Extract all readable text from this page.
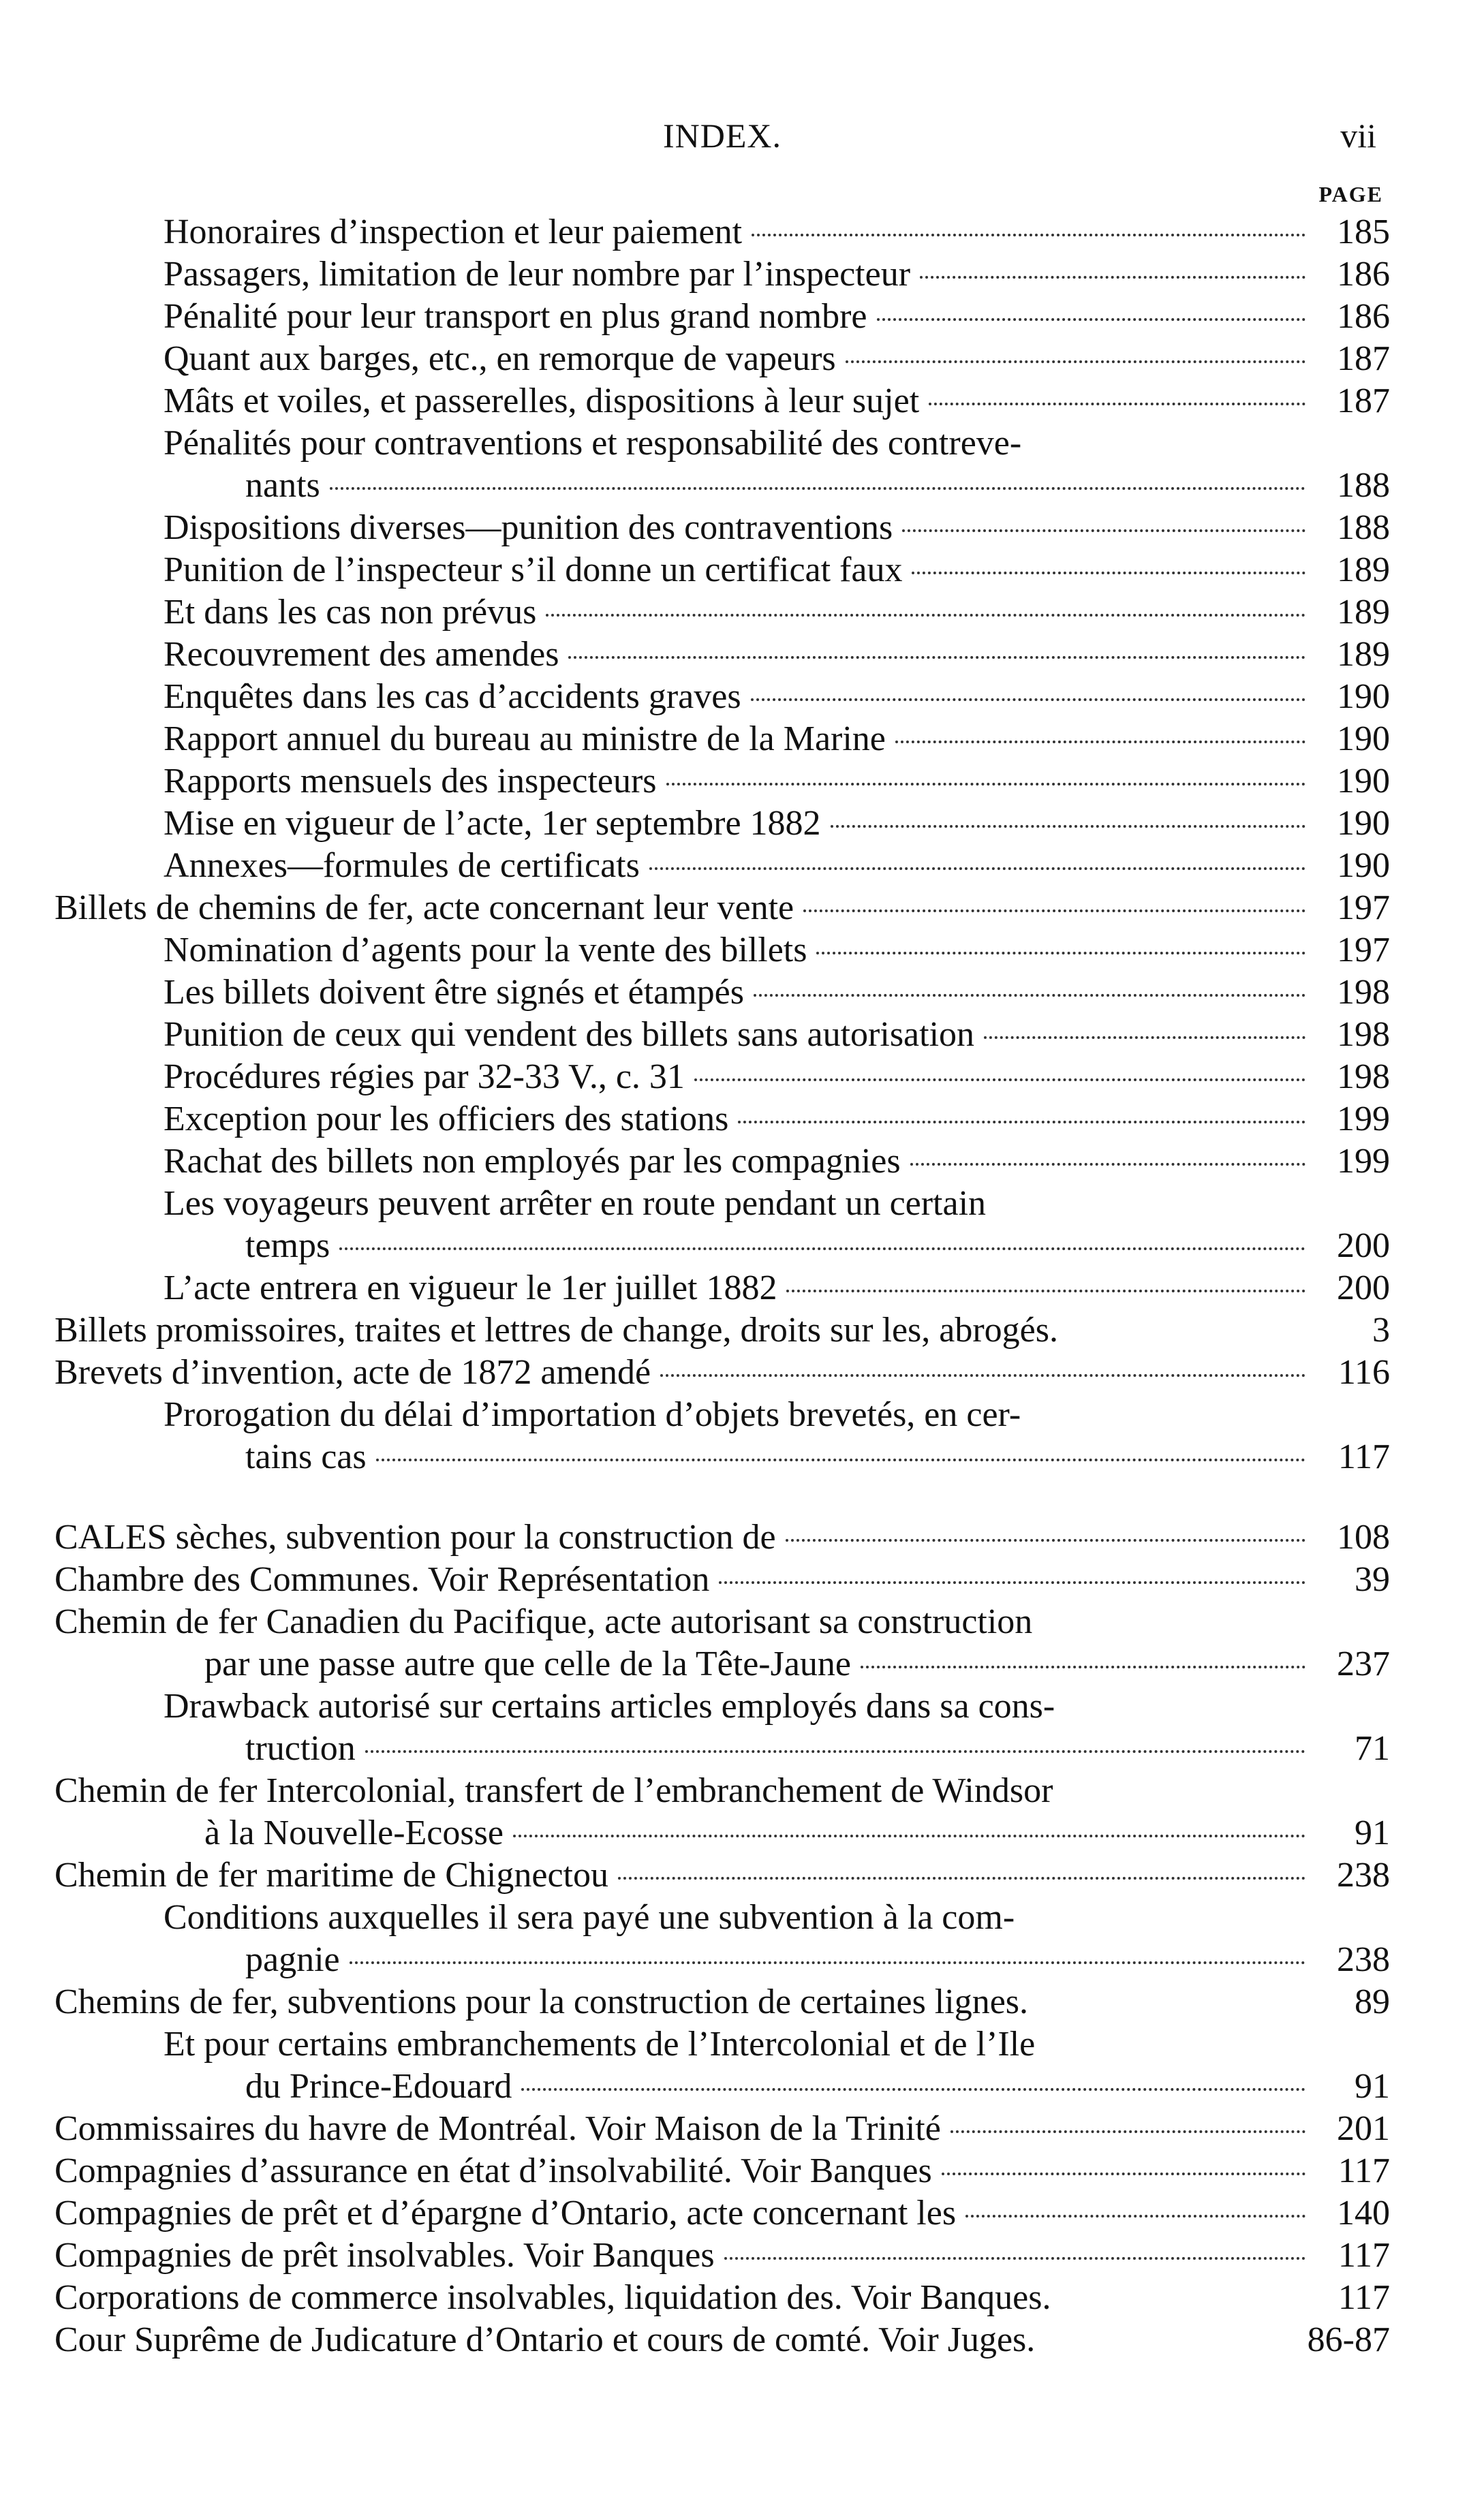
INDEX.	vii
PAGE
Honoraires d’inspection et leur paiement	185
Passagers, limitation de leur nombre par l’inspecteur	186
Pénalité pour leur transport en plus grand nombre	186
Quant aux barges, etc., en remorque de vapeurs	187
Mâts et voiles, et passerelles, dispositions à leur sujet	187
Pénalités pour contraventions et responsabilité des contreve-
nants	188
Dispositions diverses—punition des contraventions	188
Punition de l’inspecteur s’il donne un certificat faux	189
Et dans les cas non prévus	189
Recouvrement des amendes	189
Enquêtes dans les cas d’accidents graves	190
Rapport annuel du bureau au ministre de la Marine	190
Rapports mensuels des inspecteurs	190
Mise en vigueur de l’acte, 1er septembre 1882	190
Annexes—formules de certificats	190
Billets de chemins de fer, acte concernant leur vente	197
Nomination d’agents pour la vente des billets	197
Les billets doivent être signés et étampés	198
Punition de ceux qui vendent des billets sans autorisation	198
Procédures régies par 32-33 V., c. 31	198
Exception pour les officiers des stations	199
Rachat des billets non employés par les compagnies	199
Les voyageurs peuvent arrêter en route pendant un certain
temps	200
L’acte entrera en vigueur le 1er juillet 1882	200
Billets promissoires, traites et lettres de change, droits sur les, abrogés.	3
Brevets d’invention, acte de 1872 amendé	116
Prorogation du délai d’importation d’objets brevetés, en cer-
tains cas	117
CALES sèches, subvention pour la construction de	108
Chambre des Communes. Voir Représentation	39
Chemin de fer Canadien du Pacifique, acte autorisant sa construction
par une passe autre que celle de la Tête-Jaune	237
Drawback autorisé sur certains articles employés dans sa cons-
truction	71
Chemin de fer Intercolonial, transfert de l’embranchement de Windsor
à la Nouvelle-Ecosse	91
Chemin de fer maritime de Chignectou	238
Conditions auxquelles il sera payé une subvention à la com-
pagnie	238
Chemins de fer, subventions pour la construction de certaines lignes.	89
Et pour certains embranchements de l’Intercolonial et de l’Ile
du Prince-Edouard	91
Commissaires du havre de Montréal. Voir Maison de la Trinité	201
Compagnies d’assurance en état d’insolvabilité. Voir Banques	117
Compagnies de prêt et d’épargne d’Ontario, acte concernant les	140
Compagnies de prêt insolvables. Voir Banques	117
Corporations de commerce insolvables, liquidation des. Voir Banques.	117
Cour Suprême de Judicature d’Ontario et cours de comté. Voir Juges.	86-87
